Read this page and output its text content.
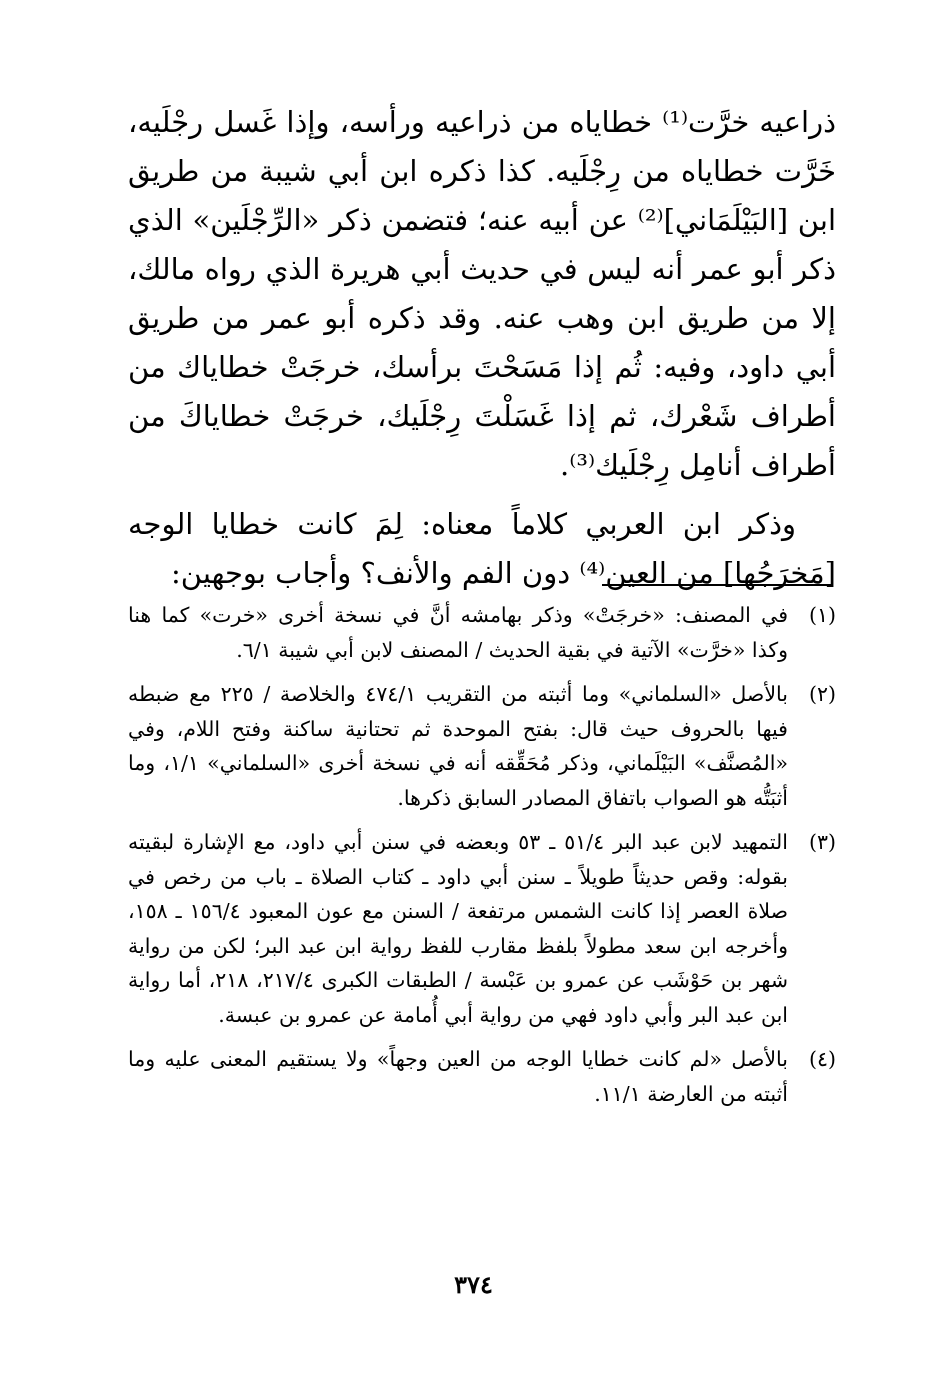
ذراعيه خرَّت⁽¹⁾ خطاياه من ذراعيه ورأسه، وإذا غَسل رجْلَيه، خَرَّت خطاياه من رِجْلَيه. كذا ذكره ابن أبي شيبة من طريق ابن [البَيْلَمَاني]⁽²⁾ عن أبيه عنه؛ فتضمن ذكر «الرِّجْلَين» الذي ذكر أبو عمر أنه ليس في حديث أبي هريرة الذي رواه مالك، إلا من طريق ابن وهب عنه. وقد ذكره أبو عمر من طريق أبي داود، وفيه: ثُم إذا مَسَحْتَ برأسك، خرجَتْ خطاياك من أطراف شَعْرك، ثم إذا غَسَلْتَ رِجْلَيك، خرجَتْ خطاياكَ من أطراف أنامِل رِجْلَيك⁽³⁾.

وذكر ابن العربي كلاماً معناه: لِمَ كانت خطايا الوجه [مَخرَجُها] من العين⁽⁴⁾ دون الفم والأنف؟ وأجاب بوجهين:

(١)
في المصنف: «خرجَتْ» وذكر بهامشه أنَّ في نسخة أخرى «خرت» كما هنا وكذا «خرَّت» الآتية في بقية الحديث / المصنف لابن أبي شيبة ٦/١.
(٢)
بالأصل «السلماني» وما أثبته من التقريب ٤٧٤/١ والخلاصة / ٢٢٥ مع ضبطه فيها بالحروف حيث قال: بفتح الموحدة ثم تحتانية ساكنة وفتح اللام، وفي «المُصنَّف» البَيْلَماني، وذكر مُحَقِّقه أنه في نسخة أخرى «السلماني» ١/١، وما أثبَتُّه هو الصواب باتفاق المصادر السابق ذكرها.
(٣)
التمهيد لابن عبد البر ٥١/٤ ـ ٥٣ وبعضه في سنن أبي داود، مع الإشارة لبقيته بقوله: وقص حديثاً طويلاً ـ سنن أبي داود ـ كتاب الصلاة ـ باب من رخص في صلاة العصر إذا كانت الشمس مرتفعة / السنن مع عون المعبود ١٥٦/٤ ـ ١٥٨، وأخرجه ابن سعد مطولاً بلفظ مقارب للفظ رواية ابن عبد البر؛ لكن من رواية شهر بن حَوْشَب عن عمرو بن عَبْسة / الطبقات الكبرى ٢١٧/٤، ٢١٨، أما رواية ابن عبد البر وأبي داود فهي من رواية أبي أُمامة عن عمرو بن عبسة.
(٤)
بالأصل «لم كانت خطايا الوجه من العين وجهاً» ولا يستقيم المعنى عليه وما أثبته من العارضة ١١/١.
٣٧٤
